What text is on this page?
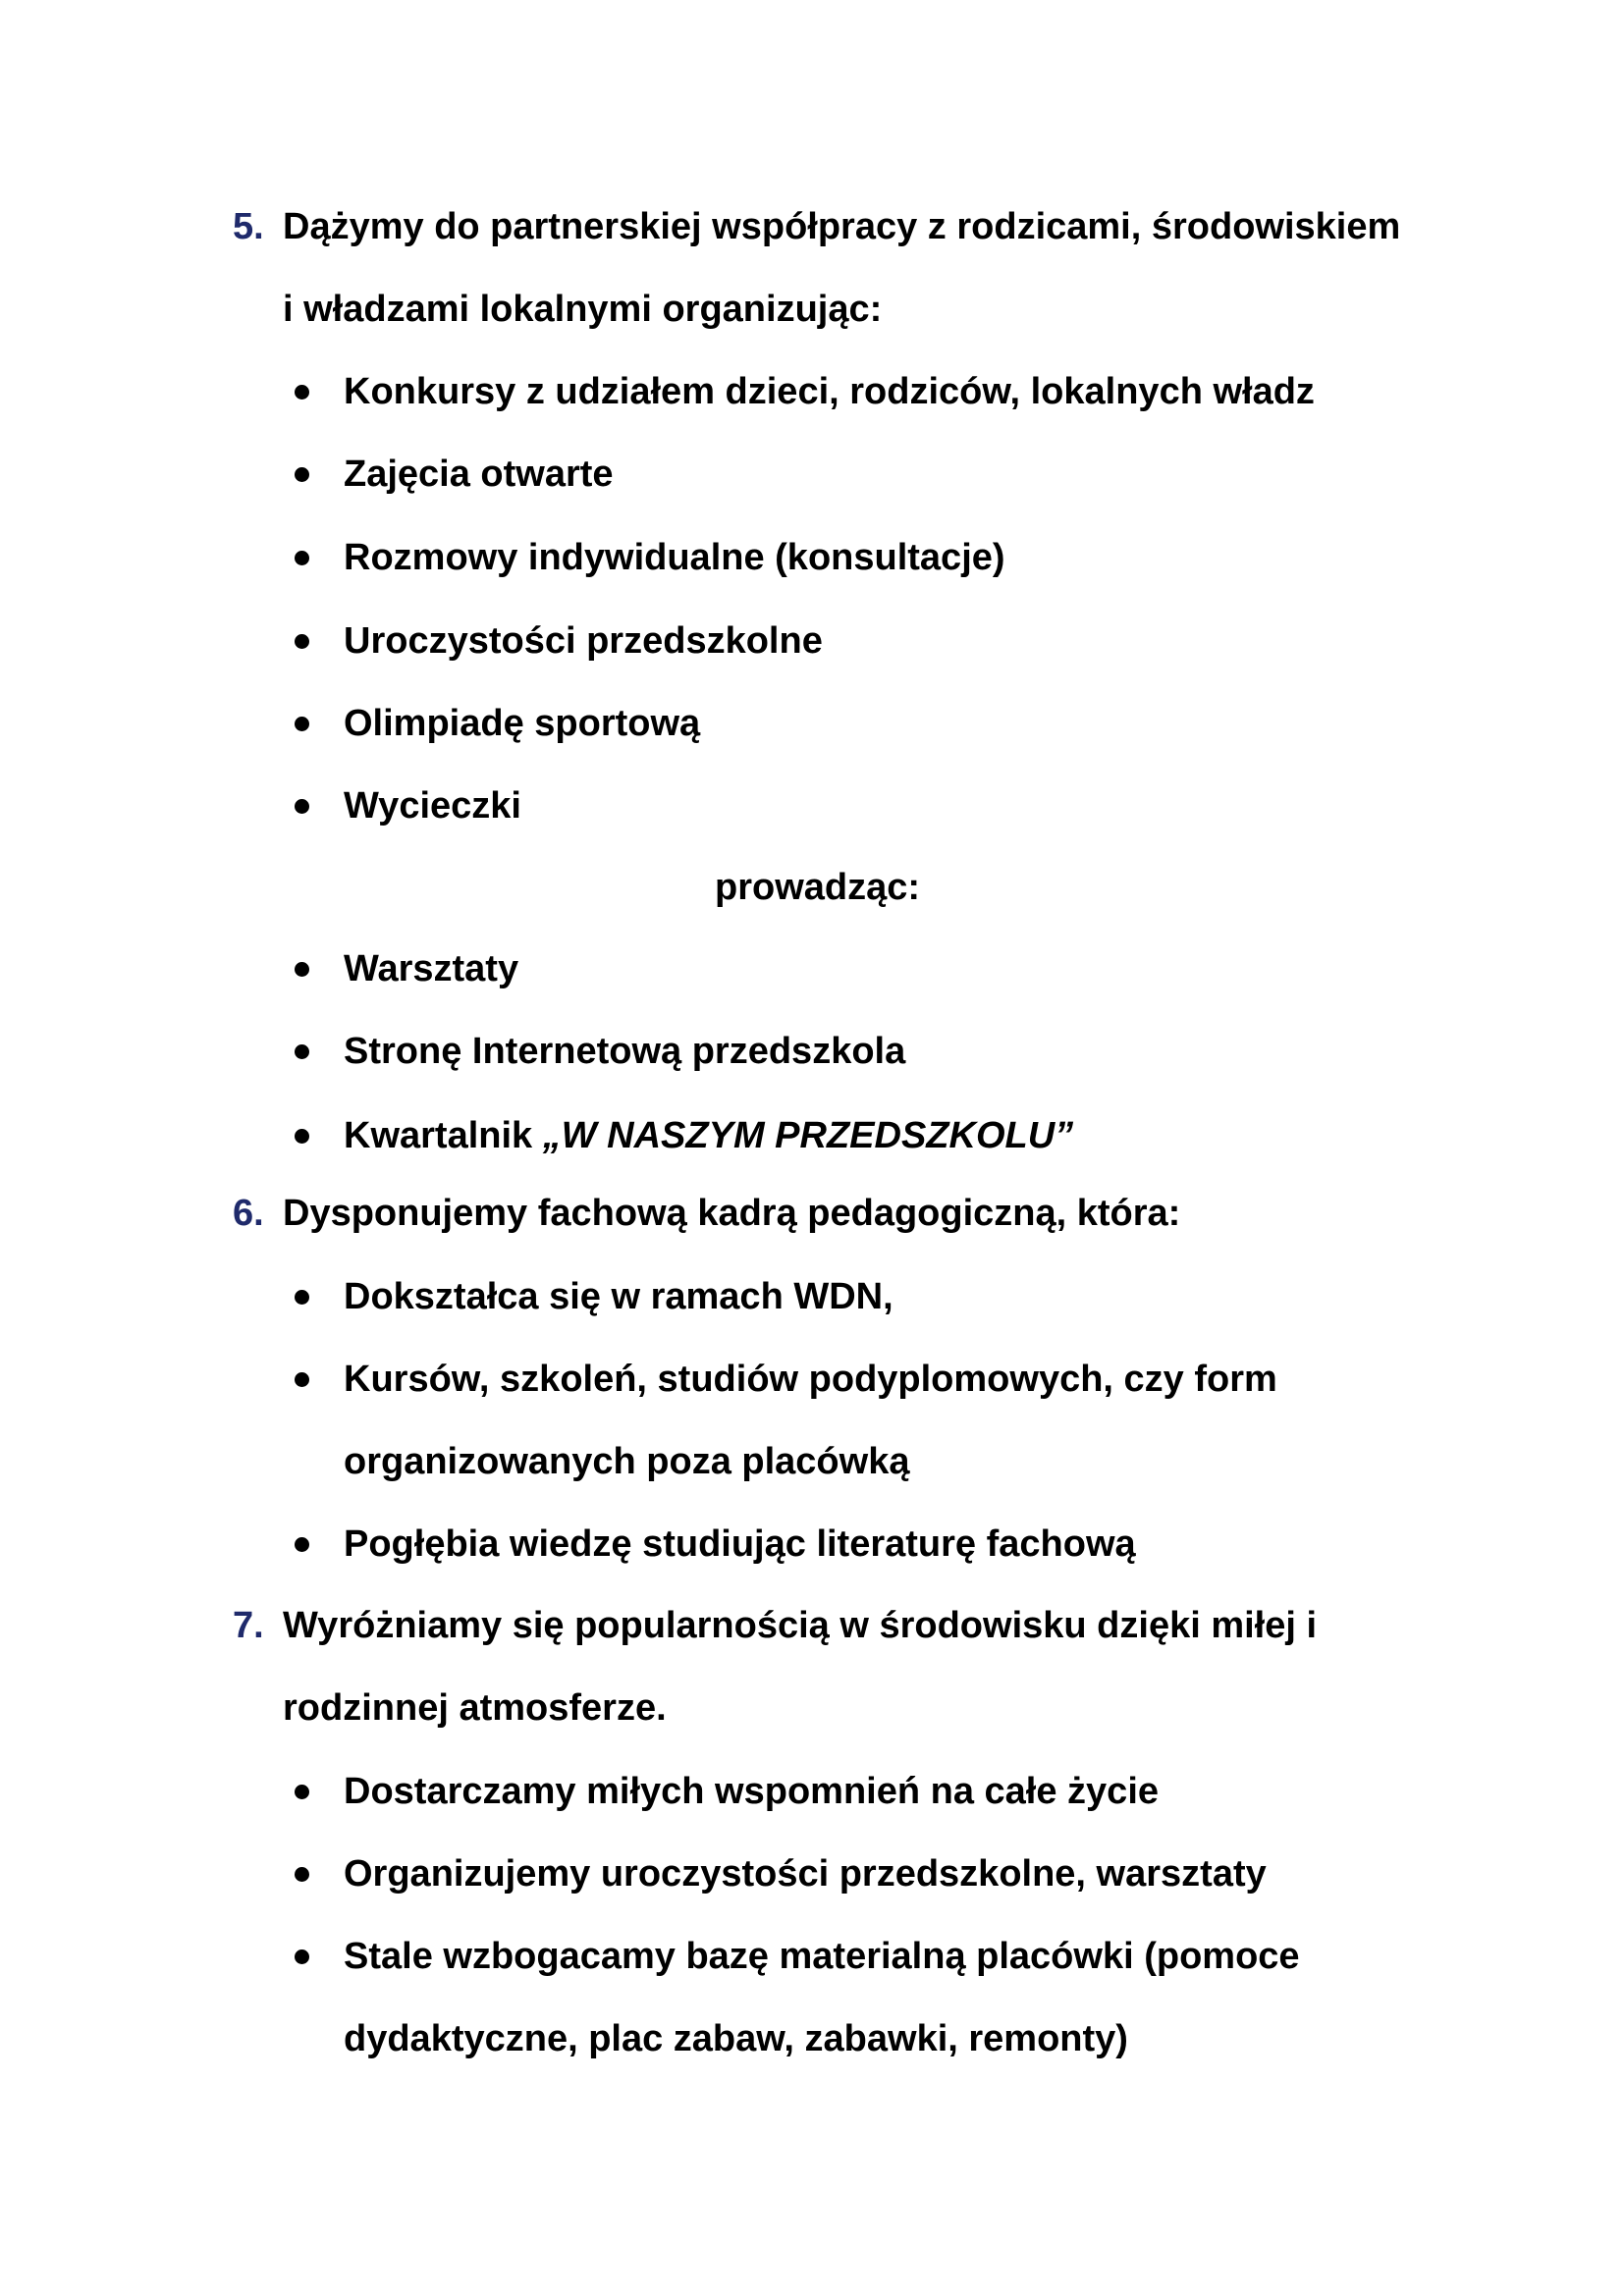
5. Dążymy do partnerskiej współpracy z rodzicami, środowiskiem
i władzami lokalnymi organizując:
Konkursy z udziałem dzieci, rodziców, lokalnych władz
Zajęcia otwarte
Rozmowy indywidualne (konsultacje)
Uroczystości przedszkolne
Olimpiadę sportową
Wycieczki
prowadząc:
Warsztaty
Stronę Internetową przedszkola
Kwartalnik „W NASZYM PRZEDSZKOLU”
6. Dysponujemy fachową kadrą pedagogiczną, która:
Dokształca się w ramach WDN,
Kursów, szkoleń, studiów podyplomowych, czy form
organizowanych poza placówką
Pogłębia wiedzę studiując literaturę fachową
7. Wyróżniamy się popularnością w środowisku dzięki miłej i
rodzinnej atmosferze.
Dostarczamy miłych wspomnień na całe życie
Organizujemy uroczystości przedszkolne, warsztaty
Stale wzbogacamy bazę materialną placówki (pomoce
dydaktyczne, plac zabaw, zabawki, remonty)
